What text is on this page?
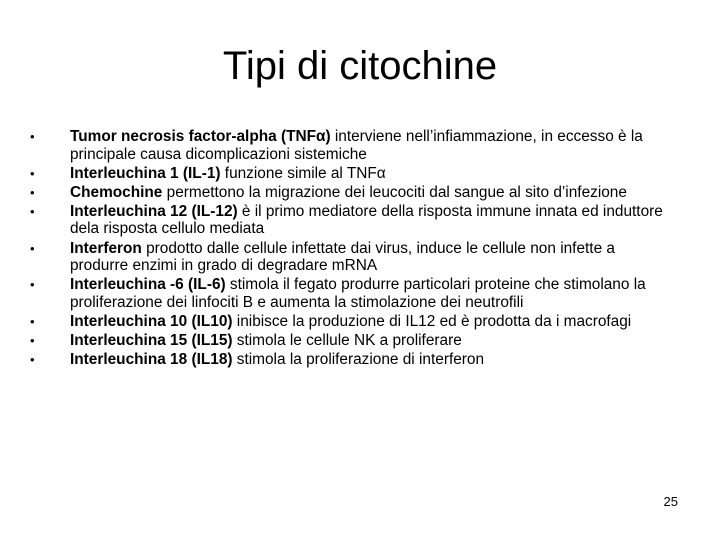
Tipi di citochine
• Tumor necrosis factor-alpha (TNFα) interviene nell’infiammazione, in eccesso è la principale causa dicomplicazioni sistemiche
• Interleuchina 1 (IL-1) funzione simile al TNFα
• Chemochine permettono la migrazione dei leucociti dal sangue al sito d’infezione
• Interleuchina 12 (IL-12) è il primo mediatore della risposta immune innata ed induttore dela risposta cellulo mediata
• Interferon prodotto dalle cellule infettate dai virus, induce le cellule non infette a produrre enzimi in grado di degradare mRNA
• Interleuchina -6 (IL-6) stimola il fegato produrre particolari proteine che stimolano la proliferazione dei linfociti B e aumenta la stimolazione dei neutrofili
• Interleuchina 10 (IL10) inibisce la produzione di IL12 ed è prodotta da i macrofagi
• Interleuchina 15 (IL15) stimola le cellule NK a proliferare
• Interleuchina 18 (IL18) stimola la proliferazione di interferon
25
